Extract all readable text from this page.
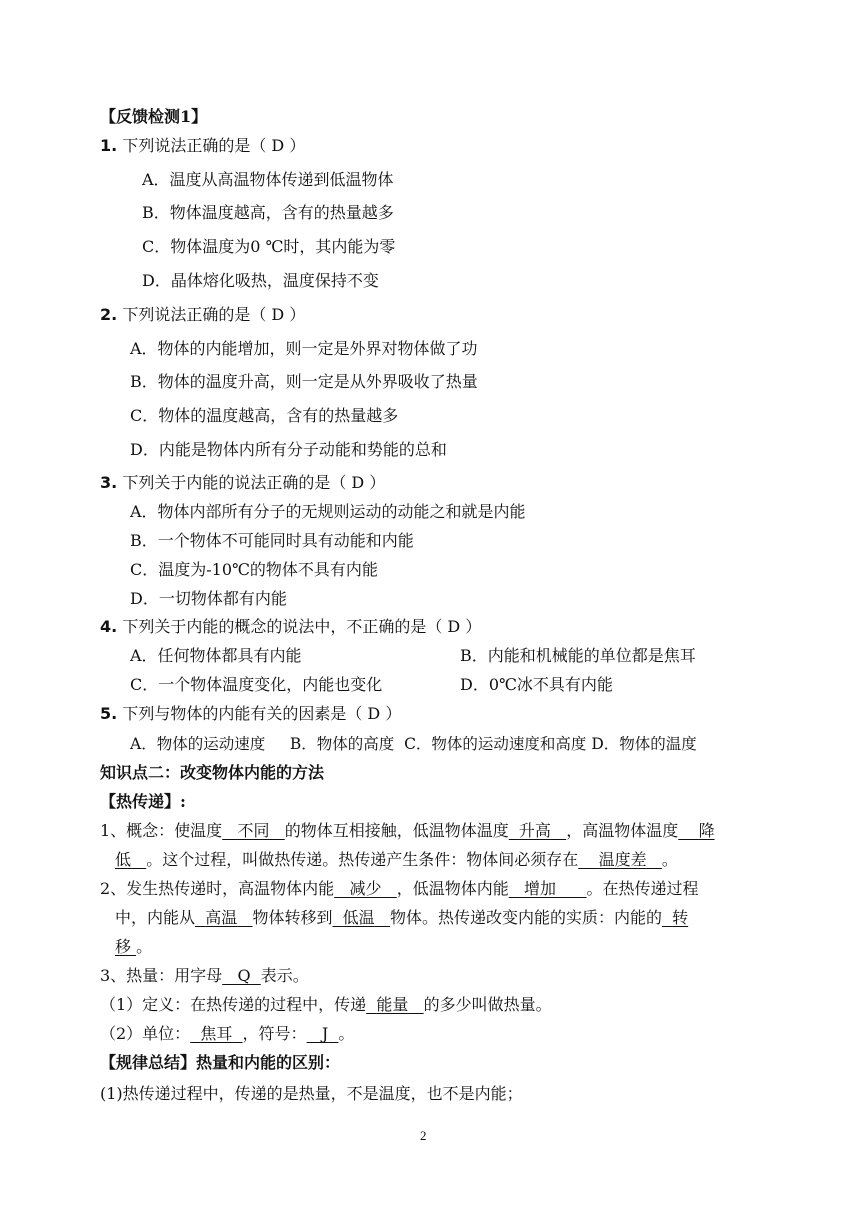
【反馈检测1】
1. 下列说法正确的是（ D ）
A．温度从高温物体传递到低温物体
B．物体温度越高，含有的热量越多
C．物体温度为0 ℃时，其内能为零
D．晶体熔化吸热，温度保持不变
2. 下列说法正确的是（ D ）
A．物体的内能增加，则一定是外界对物体做了功
B．物体的温度升高，则一定是从外界吸收了热量
C．物体的温度越高，含有的热量越多
D．内能是物体内所有分子动能和势能的总和
3. 下列关于内能的说法正确的是（ D ）
A．物体内部所有分子的无规则运动的动能之和就是内能
B．一个物体不可能同时具有动能和内能
C．温度为-10℃的物体不具有内能
D．一切物体都有内能
4. 下列关于内能的概念的说法中，不正确的是（ D ）
A．任何物体都具有内能	B．内能和机械能的单位都是焦耳
C．一个物体温度变化，内能也变化	D．0℃冰不具有内能
5. 下列与物体的内能有关的因素是（ D ）
A．物体的运动速度     B．物体的高度  C．物体的运动速度和高度 D．物体的温度
知识点二：改变物体内能的方法
【热传递】:
1、概念：使温度 不同 的物体互相接触，低温物体温度 升高 ，高温物体温度 降
低 。这个过程，叫做热传递。热传递产生条件：物体间必须存在 温度差 。
2、发生热传递时，高温物体内能 减少 ，低温物体内能 增加 。在热传递过程
中，内能从 高温 物体转移到 低温 物体。热传递改变内能的实质：内能的 转
移 。
3、热量：用字母 Q 表示。
（1）定义：在热传递的过程中，传递 能量 的多少叫做热量。
（2）单位： 焦耳 ，符号： J 。
【规律总结】热量和内能的区别：
(1)热传递过程中，传递的是热量，不是温度，也不是内能；
2
